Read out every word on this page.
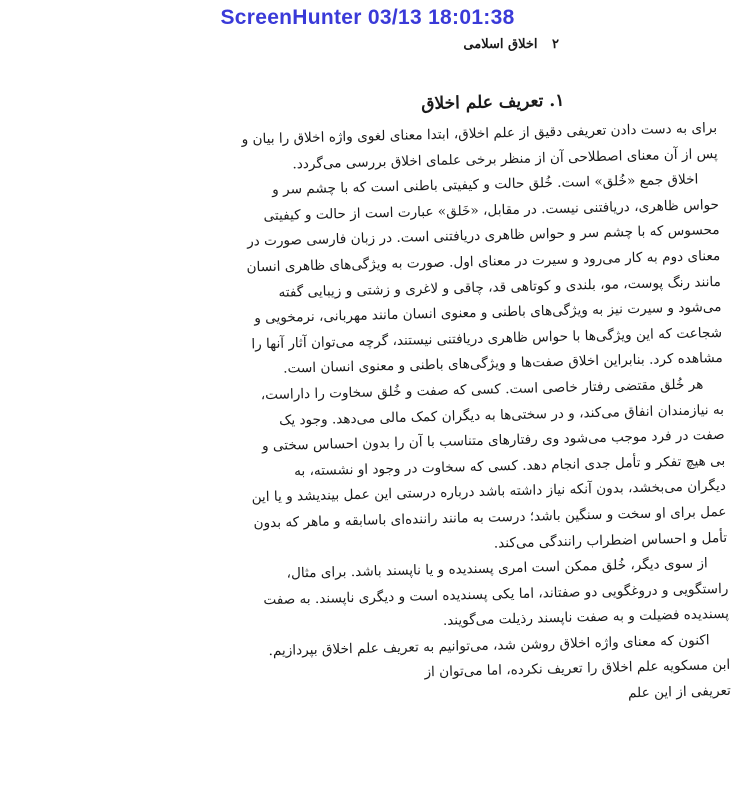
ScreenHunter 03/13 18:01:38
۲ اخلاق اسلامی
۱. تعریف علم اخلاق

برای به دست دادن تعریفی دقیق از علم اخلاق، ابتدا معنای لغوی واژه اخلاق را بیان و

پس از آن معنای اصطلاحی آن از منظر برخی علمای اخلاق بررسی می‌گردد.

اخلاق جمع «خُلق» است. خُلق حالت و کیفیتی باطنی است که با چشم سر و

حواس ظاهری، دریافتنی نیست. در مقابل، «خَلق» عبارت است از حالت و کیفیتی

محسوس که با چشم سر و حواس ظاهری دریافتنی است. در زبان فارسی صورت در

معنای دوم به کار می‌رود و سیرت در معنای اول. صورت به ویژگی‌های ظاهری انسان

مانند رنگ پوست، مو، بلندی و کوتاهی قد، چاقی و لاغری و زشتی و زیبایی گفته

می‌شود و سیرت نیز به ویژگی‌های باطنی و معنوی انسان مانند مهربانی، نرمخویی و

شجاعت که این ویژگی‌ها با حواس ظاهری دریافتنی نیستند، گرچه می‌توان آثار آنها را

مشاهده کرد. بنابراین اخلاق صفت‌ها و ویژگی‌های باطنی و معنوی انسان است.

هر خُلق مقتضی رفتار خاصی است. کسی که صفت و خُلق سخاوت را داراست،

به نیازمندان انفاق می‌کند، و در سختی‌ها به دیگران کمک مالی می‌دهد. وجود یک

صفت در فرد موجب می‌شود وی رفتارهای متناسب با آن را بدون احساس سختی و

بی هیچ تفکر و تأمل جدی انجام دهد. کسی که سخاوت در وجود او نشسته، به

دیگران می‌بخشد، بدون آنکه نیاز داشته باشد درباره درستی این عمل بیندیشد و یا این

عمل برای او سخت و سنگین باشد؛ درست به مانند راننده‌ای باسابقه و ماهر که بدون

تأمل و احساس اضطراب رانندگی می‌کند.

از سوی دیگر، خُلق ممکن است امری پسندیده و یا ناپسند باشد. برای مثال،

راستگویی و دروغگویی دو صفتاند، اما یکی پسندیده است و دیگری ناپسند. به صفت

پسندیده فضیلت و به صفت ناپسند رذیلت می‌گویند.

اکنون که معنای واژه اخلاق روشن شد، می‌توانیم به تعریف علم اخلاق بپردازیم.

ابن مسکویه علم اخلاق را تعریف نکرده، اما می‌توان از

تعریفی از این علم
